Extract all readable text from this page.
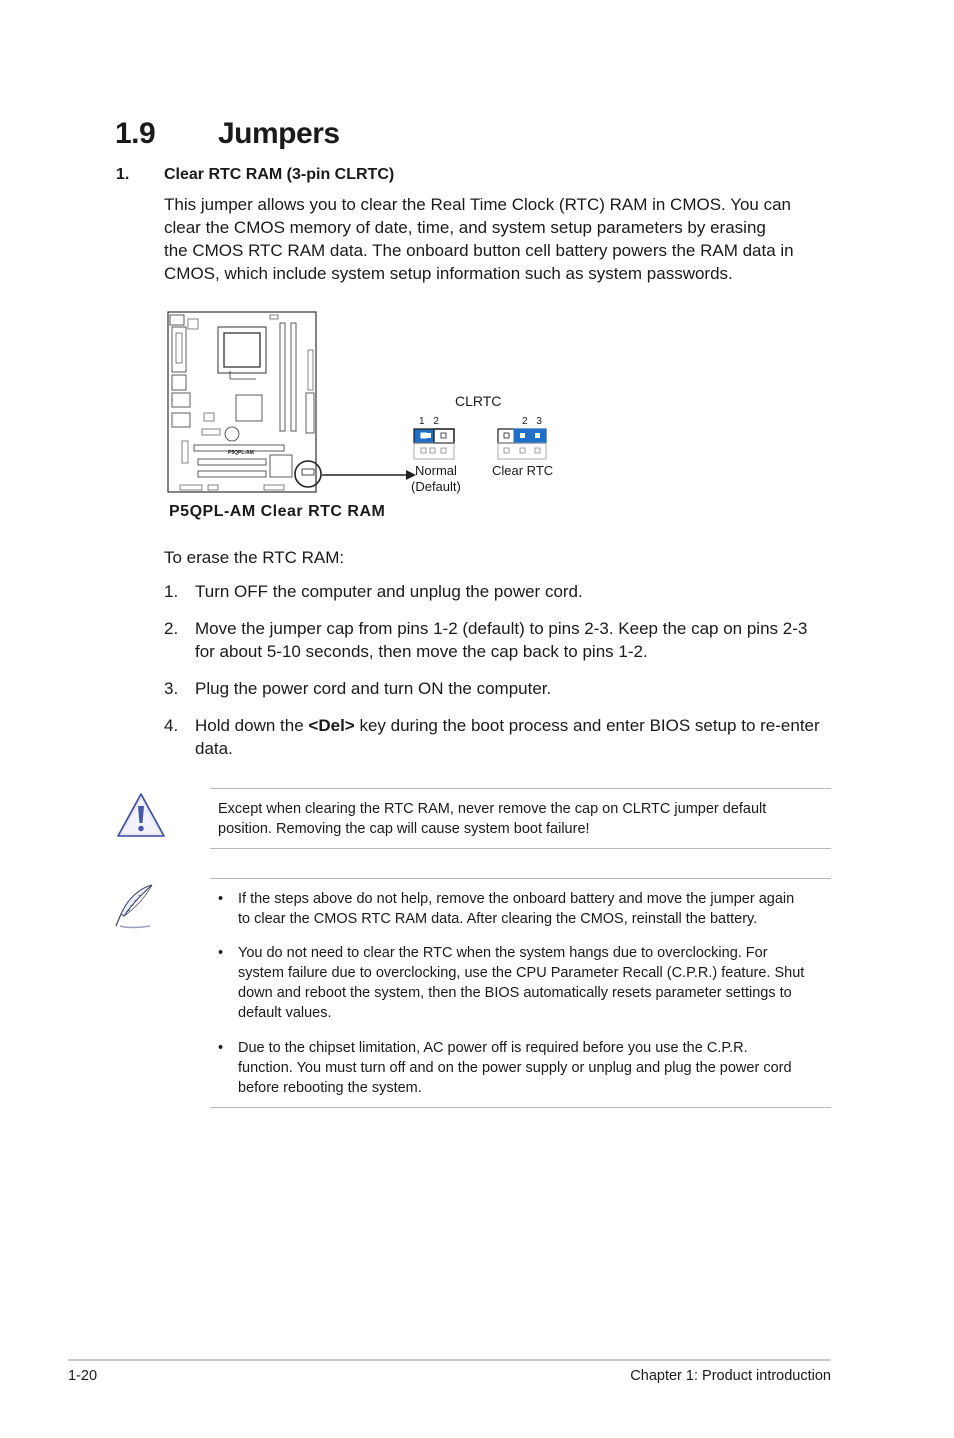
1.9 Jumpers
1. Clear RTC RAM (3-pin CLRTC)
This jumper allows you to clear the Real Time Clock (RTC) RAM in CMOS. You can
clear the CMOS memory of date, time, and system setup parameters by erasing
the CMOS RTC RAM data. The onboard button cell battery powers the RAM data in
CMOS, which include system setup information such as system passwords.
CLRTC
1 2	2 3
Normal
(Default)
Clear RTC
P5QPL-AM
P5QPL-AM Clear RTC RAM
To erase the RTC RAM:
1. Turn OFF the computer and unplug the power cord.
2. Move the jumper cap from pins 1-2 (default) to pins 2-3. Keep the cap on pins 2-3
for about 5-10 seconds, then move the cap back to pins 1-2.
3. Plug the power cord and turn ON the computer.
4. Hold down the <Del> key during the boot process and enter BIOS setup to re-enter
data.
Except when clearing the RTC RAM, never remove the cap on CLRTC jumper default
position. Removing the cap will cause system boot failure!
• If the steps above do not help, remove the onboard battery and move the jumper again
to clear the CMOS RTC RAM data. After clearing the CMOS, reinstall the battery.
• You do not need to clear the RTC when the system hangs due to overclocking. For
system failure due to overclocking, use the CPU Parameter Recall (C.P.R.) feature. Shut
down and reboot the system, then the BIOS automatically resets parameter settings to
default values.
• Due to the chipset limitation, AC power off is required before you use the C.P.R.
function. You must turn off and on the power supply or unplug and plug the power cord
before rebooting the system.
1-20	Chapter 1: Product introduction
